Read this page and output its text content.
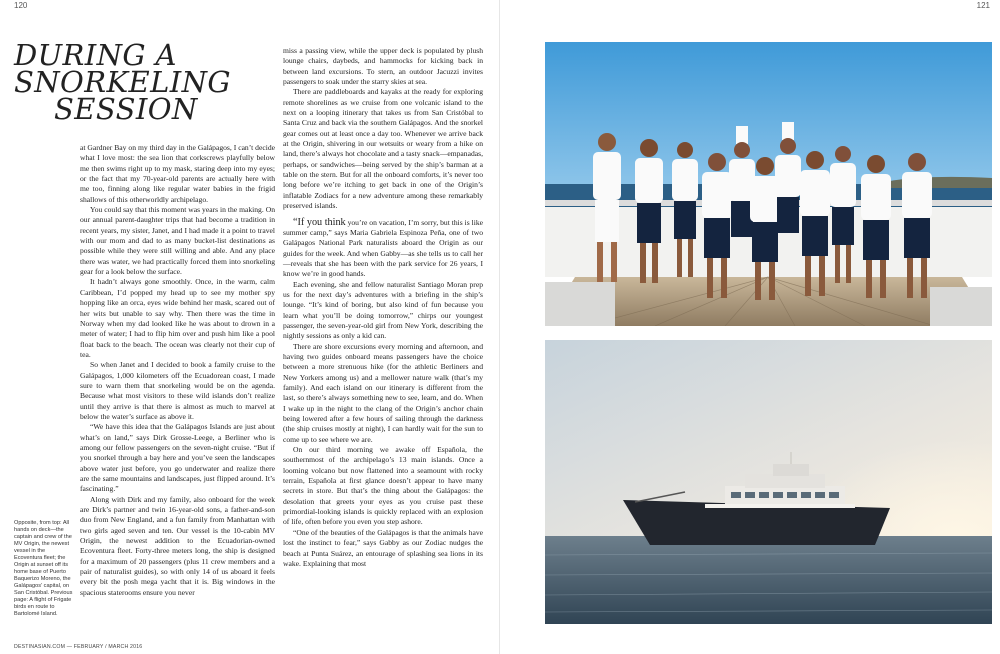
120
DURING A
SNORKELING
SESSION

at Gardner Bay on my third day in the Galápagos, I can’t decide what I love most: the sea lion that corkscrews playfully below me then swims right up to my mask, staring deep into my eyes; or the fact that my 70-year-old parents are actually here with me too, finning along like regular water babies in the frigid shallows of this otherworldly archipelago.

You could say that this moment was years in the making. On our annual parent-daughter trips that had become a tradition in recent years, my sister, Janet, and I had made it a point to travel with our mom and dad to as many bucket-list destinations as possible while they were still willing and able. And any place there was water, we had practically forced them into snorkeling gear for a look below the surface.

It hadn’t always gone smoothly. Once, in the warm, calm Caribbean, I’d popped my head up to see my mother spy hopping like an orca, eyes wide behind her mask, scared out of her wits but unable to say why. Then there was the time in Norway when my dad looked like he was about to drown in a meter of water; I had to flip him over and push him like a pool float back to the beach. The ocean was clearly not their cup of tea.

So when Janet and I decided to book a family cruise to the Galápagos, 1,000 kilometers off the Ecuadorean coast, I made sure to warn them that snorkeling would be on the agenda. Because what most visitors to these wild islands don’t realize until they arrive is that there is almost as much to marvel at below the water’s surface as above it.

“We have this idea that the Galápagos Islands are just about what’s on land,” says Dirk Grosse-Leege, a Berliner who is among our fellow passengers on the seven-night cruise. “But if you snorkel through a bay here and you’ve seen the landscapes above water just before, you go underwater and realize there are the same mountains and landscapes, just flipped around. It’s fascinating.”

Along with Dirk and my family, also onboard for the week are Dirk’s partner and twin 16-year-old sons, a father-and-son duo from New England, and a fun family from Manhattan with two girls aged seven and ten. Our vessel is the 10-cabin MV Origin, the newest addition to the Ecuadorian-owned Ecoventura fleet. Forty-three meters long, the ship is designed for a maximum of 20 passengers (plus 11 crew members and a pair of naturalist guides), so with only 14 of us aboard it feels every bit the posh mega yacht that it is. Big windows in the spacious staterooms ensure you never

miss a passing view, while the upper deck is populated by plush lounge chairs, daybeds, and hammocks for kicking back in between land excursions. To stern, an outdoor Jacuzzi invites passengers to soak under the starry skies at sea.

There are paddleboards and kayaks at the ready for exploring remote shorelines as we cruise from one volcanic island to the next on a looping itinerary that takes us from San Cristóbal to Santa Cruz and back via the southern Galápagos. And the snorkel gear comes out at least once a day too. Whenever we arrive back at the Origin, shivering in our wetsuits or weary from a hike on land, there’s always hot chocolate and a tasty snack—empanadas, perhaps, or sandwiches—being served by the ship’s barman at a table on the stern. But for all the onboard comforts, it’s never too long before we’re itching to get back in one of the Origin’s inflatable Zodiacs for a new adventure among these remarkably preserved islands.

“If you think you’re on vacation, I’m sorry, but this is like summer camp,” says Maria Gabriela Espinoza Peña, one of two Galápagos National Park naturalists aboard the Origin as our guides for the week. And when Gabby—as she tells us to call her—reveals that she has been with the park service for 26 years, I know we’re in good hands.

Each evening, she and fellow naturalist Santiago Moran prep us for the next day’s adventures with a briefing in the ship’s lounge. “It’s kind of boring, but also kind of fun because you learn what you’ll be doing tomorrow,” chirps our youngest passenger, the seven-year-old girl from New York, describing the nightly sessions as only a kid can.

There are shore excursions every morning and afternoon, and having two guides onboard means passengers have the choice between a more strenuous hike (for the athletic Berliners and New Yorkers among us) and a mellower nature walk (that’s my family). And each island on our itinerary is different from the last, so there’s always something new to see, learn, and do. When I wake up in the night to the clang of the Origin’s anchor chain being lowered after a few hours of sailing through the darkness (the ship cruises mostly at night), I can hardly wait for the sun to come up to see where we are.

On our third morning we awake off Española, the southernmost of the archipelago’s 13 main islands. Once a looming volcano but now flattened into a seamount with rocky terrain, Española at first glance doesn’t appear to have many secrets in store. But that’s the thing about the Galápagos: the desolation that greets your eyes as you cruise past these primordial-looking islands is quickly replaced with an explosion of life, often before you even you step ashore.

“One of the beauties of the Galápagos is that the animals have lost the instinct to fear,” says Gabby as our Zodiac nudges the beach at Punta Suárez, an entourage of splashing sea lions in its wake. Explaining that most

Opposite, from top: All hands on deck—the captain and crew of the MV Origin, the newest vessel in the Ecoventura fleet; the Origin at sunset off its home base of Puerto Baquerizo Moreno, the Galápagos’ capital, on San Cristóbal. Previous page: A flight of Frigate birds en route to Bartolomé Island.
DESTINASIAN.COM — FEBRUARY / MARCH 2016
121
